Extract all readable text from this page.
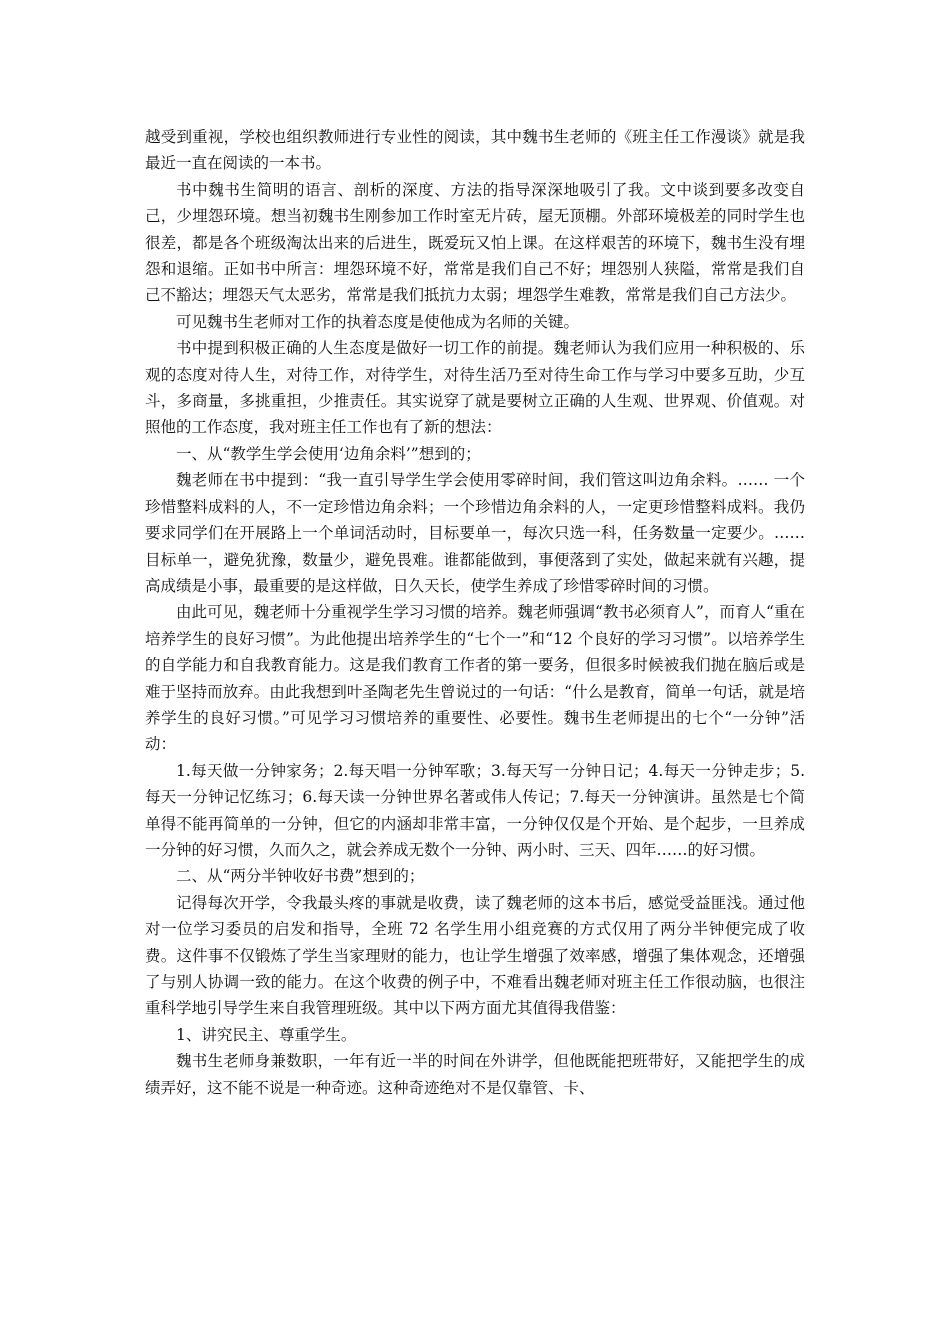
越受到重视，学校也组织教师进行专业性的阅读，其中魏书生老师的《班主任工作漫谈》就是我最近一直在阅读的一本书。

书中魏书生简明的语言、剖析的深度、方法的指导深深地吸引了我。文中谈到要多改变自己，少埋怨环境。想当初魏书生刚参加工作时室无片砖，屋无顶棚。外部环境极差的同时学生也很差，都是各个班级淘汰出来的后进生，既爱玩又怕上课。在这样艰苦的环境下，魏书生没有埋怨和退缩。正如书中所言：埋怨环境不好，常常是我们自己不好；埋怨别人狭隘，常常是我们自己不豁达；埋怨天气太恶劣，常常是我们抵抗力太弱；埋怨学生难教，常常是我们自己方法少。

可见魏书生老师对工作的执着态度是使他成为名师的关键。

书中提到积极正确的人生态度是做好一切工作的前提。魏老师认为我们应用一种积极的、乐观的态度对待人生，对待工作，对待学生，对待生活乃至对待生命工作与学习中要多互助，少互斗，多商量，多挑重担，少推责任。其实说穿了就是要树立正确的人生观、世界观、价值观。对照他的工作态度，我对班主任工作也有了新的想法：

一、从“教学生学会使用‘边角余料’”想到的；

魏老师在书中提到：“我一直引导学生学会使用零碎时间，我们管这叫边角余料。…… 一个珍惜整料成料的人，不一定珍惜边角余料；一个珍惜边角余料的人，一定更珍惜整料成料。我仍要求同学们在开展路上一个单词活动时，目标要单一，每次只选一科，任务数量一定要少。……目标单一，避免犹豫，数量少，避免畏难。谁都能做到，事便落到了实处，做起来就有兴趣，提高成绩是小事，最重要的是这样做，日久天长，使学生养成了珍惜零碎时间的习惯。

由此可见，魏老师十分重视学生学习习惯的培养。魏老师强调“教书必须育人”，而育人“重在培养学生的良好习惯”。为此他提出培养学生的“七个一”和“12 个良好的学习习惯”。以培养学生的自学能力和自我教育能力。这是我们教育工作者的第一要务，但很多时候被我们抛在脑后或是难于坚持而放弃。由此我想到叶圣陶老先生曾说过的一句话：“什么是教育，简单一句话，就是培养学生的良好习惯。”可见学习习惯培养的重要性、必要性。魏书生老师提出的七个“一分钟”活动：

1.每天做一分钟家务；2.每天唱一分钟军歌；3.每天写一分钟日记；4.每天一分钟走步；5.每天一分钟记忆练习；6.每天读一分钟世界名著或伟人传记；7.每天一分钟演讲。虽然是七个简单得不能再简单的一分钟，但它的内涵却非常丰富，一分钟仅仅是个开始、是个起步，一旦养成一分钟的好习惯，久而久之，就会养成无数个一分钟、两小时、三天、四年……的好习惯。

二、从“两分半钟收好书费”想到的；

记得每次开学，令我最头疼的事就是收费，读了魏老师的这本书后，感觉受益匪浅。通过他对一位学习委员的启发和指导，全班 72 名学生用小组竞赛的方式仅用了两分半钟便完成了收费。这件事不仅锻炼了学生当家理财的能力，也让学生增强了效率感，增强了集体观念，还增强了与别人协调一致的能力。在这个收费的例子中，不难看出魏老师对班主任工作很动脑，也很注重科学地引导学生来自我管理班级。其中以下两方面尤其值得我借鉴：

1、讲究民主、尊重学生。

魏书生老师身兼数职，一年有近一半的时间在外讲学，但他既能把班带好，又能把学生的成绩弄好，这不能不说是一种奇迹。这种奇迹绝对不是仅靠管、卡、
